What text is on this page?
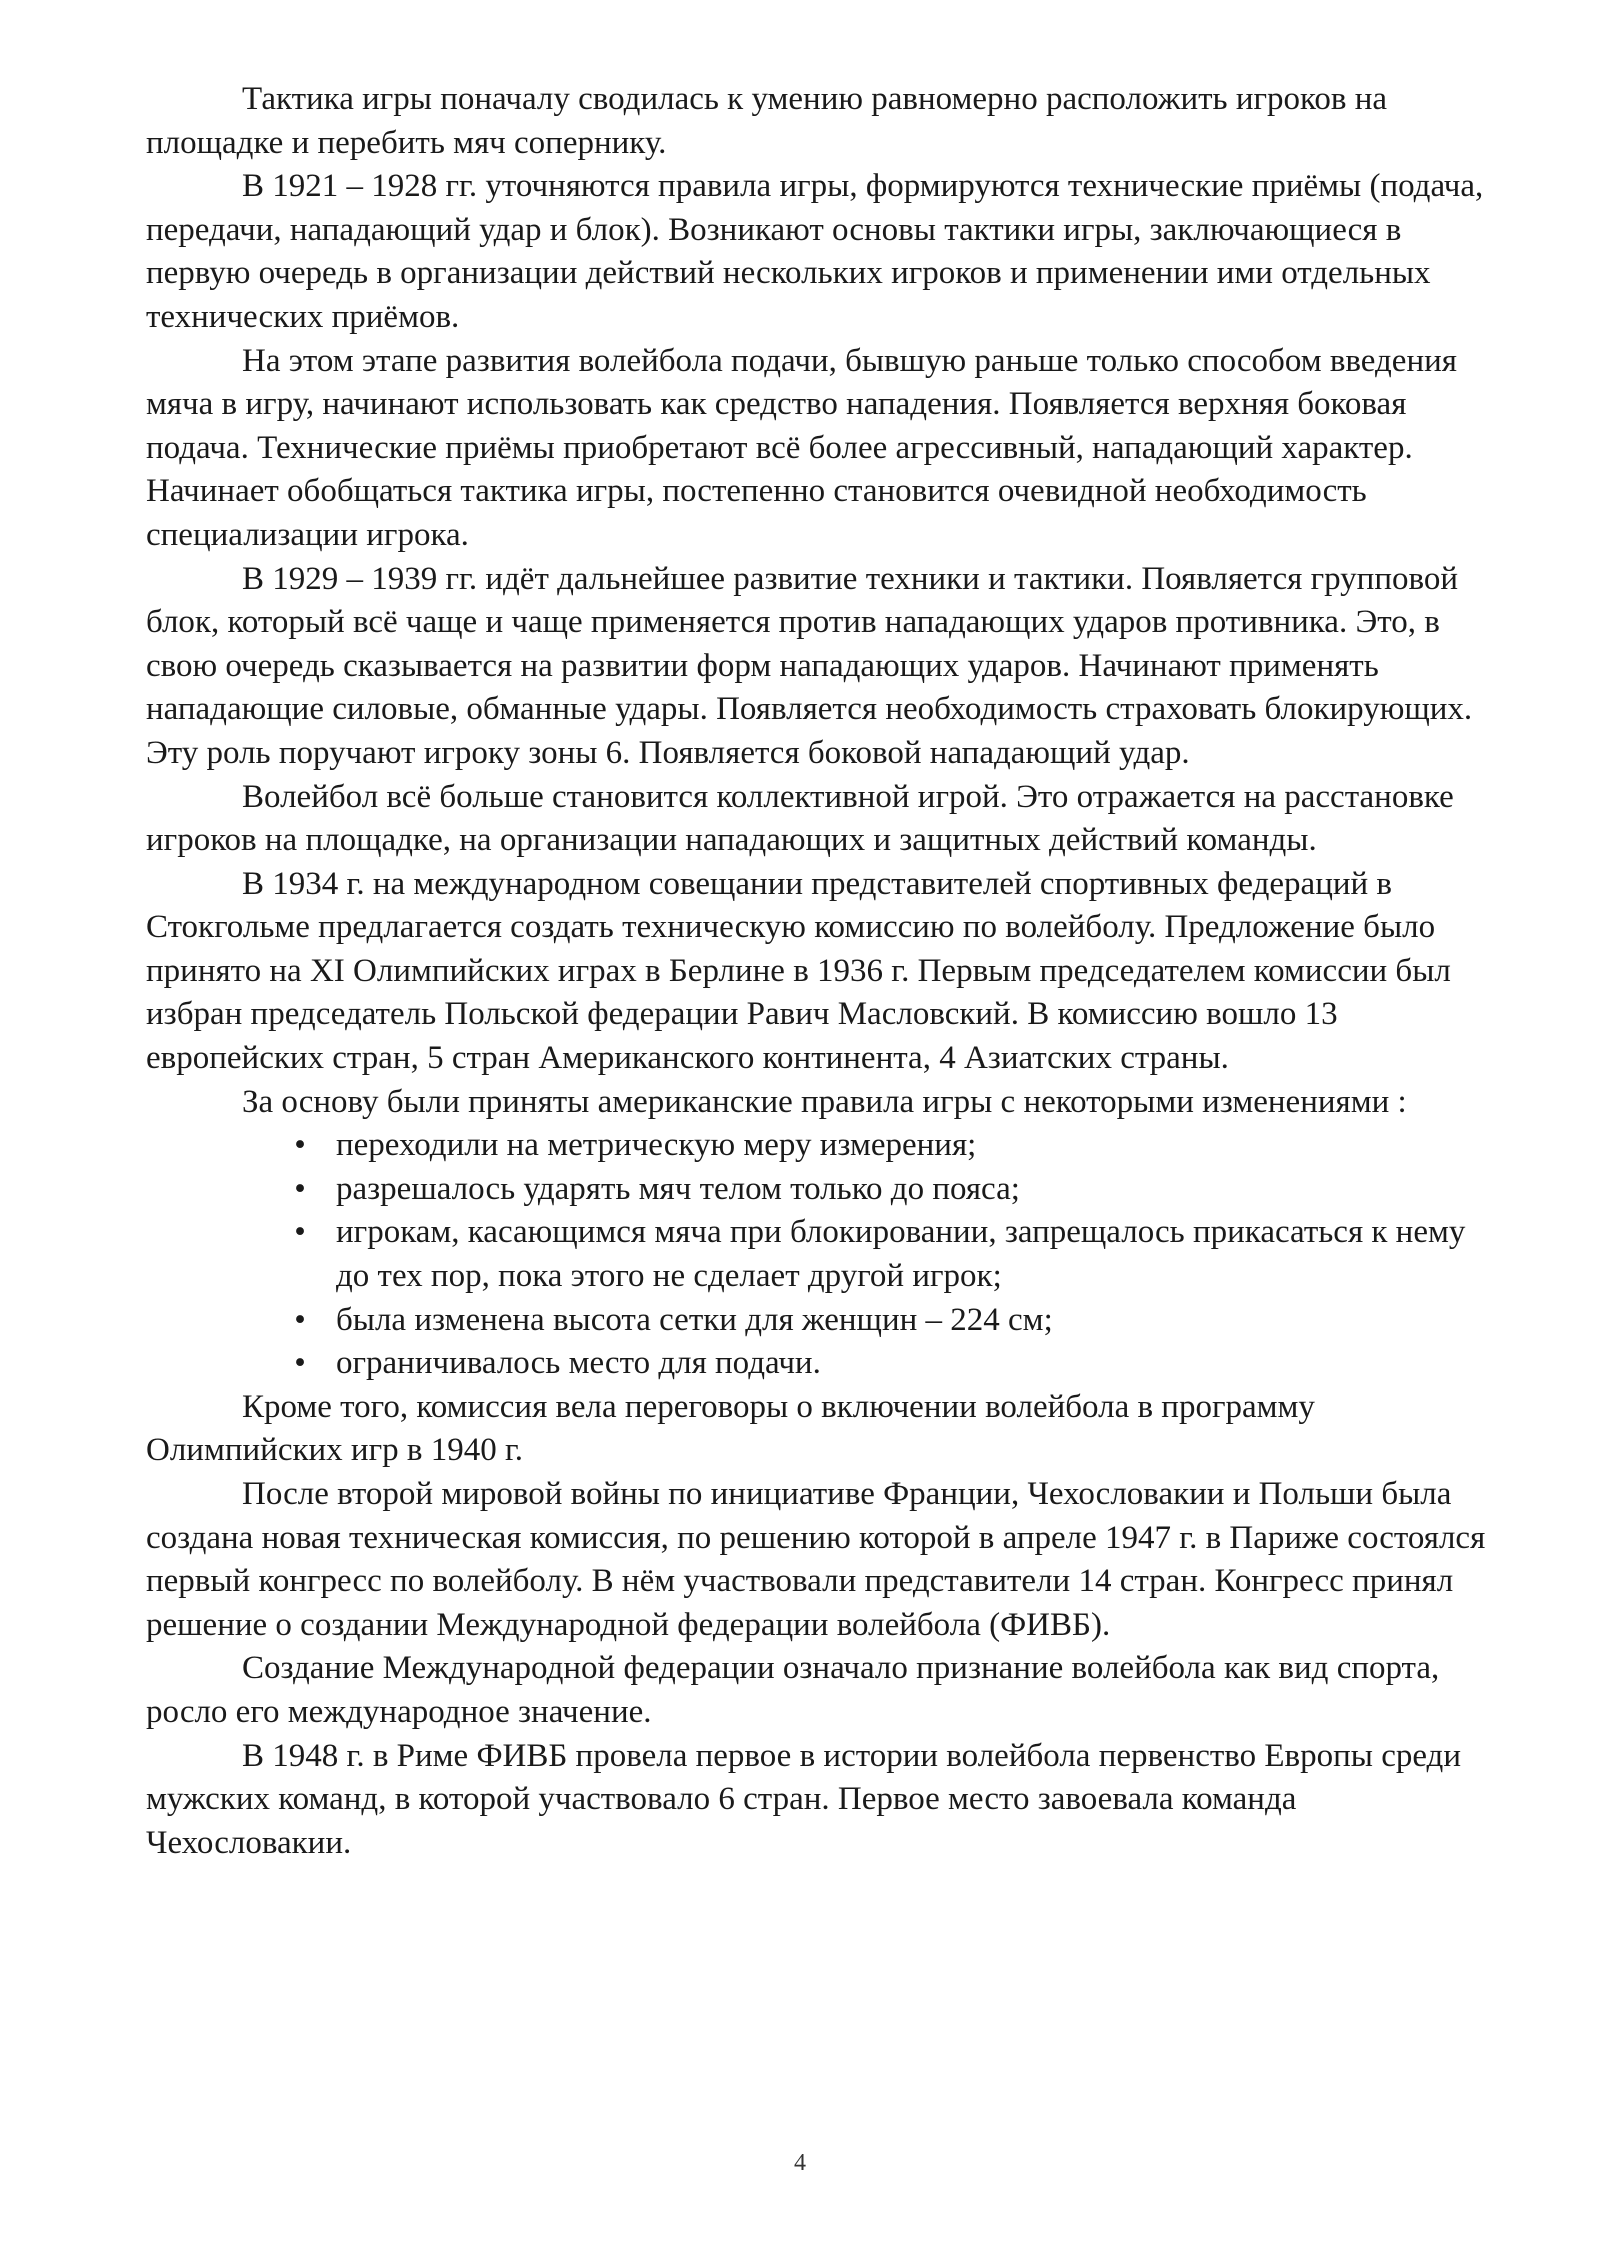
Тактика игры поначалу сводилась к умению равномерно расположить игроков на площадке и перебить мяч сопернику.

В 1921 – 1928 гг. уточняются правила игры, формируются технические приёмы (подача, передачи, нападающий удар и блок). Возникают основы тактики игры, заключающиеся в первую очередь в организации действий нескольких игроков и применении ими отдельных технических приёмов.

На этом этапе развития волейбола подачи, бывшую раньше только способом введения мяча в игру, начинают использовать как средство нападения. Появляется верхняя боковая подача. Технические приёмы приобретают всё более агрессивный, нападающий характер. Начинает обобщаться тактика игры, постепенно становится очевидной необходимость специализации игрока.

В 1929 – 1939 гг. идёт дальнейшее развитие техники и тактики. Появляется групповой блок, который всё чаще и чаще применяется против нападающих ударов противника. Это, в свою очередь сказывается на развитии форм нападающих ударов. Начинают применять нападающие силовые, обманные удары. Появляется необходимость страховать блокирующих. Эту роль поручают игроку зоны 6. Появляется боковой нападающий удар.

Волейбол всё больше становится коллективной игрой. Это отражается на расстановке игроков на площадке, на организации нападающих и защитных действий команды.

В 1934 г. на международном совещании представителей спортивных федераций в Стокгольме предлагается создать техническую комиссию по волейболу. Предложение было принято на XI Олимпийских играх в Берлине в 1936 г. Первым председателем комиссии был избран председатель Польской федерации Равич Масловский. В комиссию вошло 13 европейских стран, 5 стран Американского континента, 4 Азиатских страны.

За основу были приняты американские правила игры с некоторыми изменениями :

• переходили на метрическую меру измерения;
• разрешалось ударять мяч телом только до пояса;
• игрокам, касающимся мяча при блокировании, запрещалось прикасаться к нему до тех пор, пока этого не сделает другой игрок;
• была изменена высота сетки для женщин – 224 см;
• ограничивалось место для подачи.

Кроме того, комиссия вела переговоры о включении волейбола в программу Олимпийских игр в 1940 г.

После второй мировой войны по инициативе Франции, Чехословакии и Польши была создана новая техническая комиссия, по решению которой в апреле 1947 г. в Париже состоялся первый конгресс по волейболу. В нём участвовали представители 14 стран. Конгресс принял решение о создании Международной федерации волейбола (ФИВБ).

Создание Международной федерации означало признание волейбола как вид спорта, росло его международное значение.

В 1948 г. в Риме ФИВБ провела первое в истории волейбола первенство Европы среди мужских команд, в которой участвовало 6 стран. Первое место завоевала команда Чехословакии.

4
